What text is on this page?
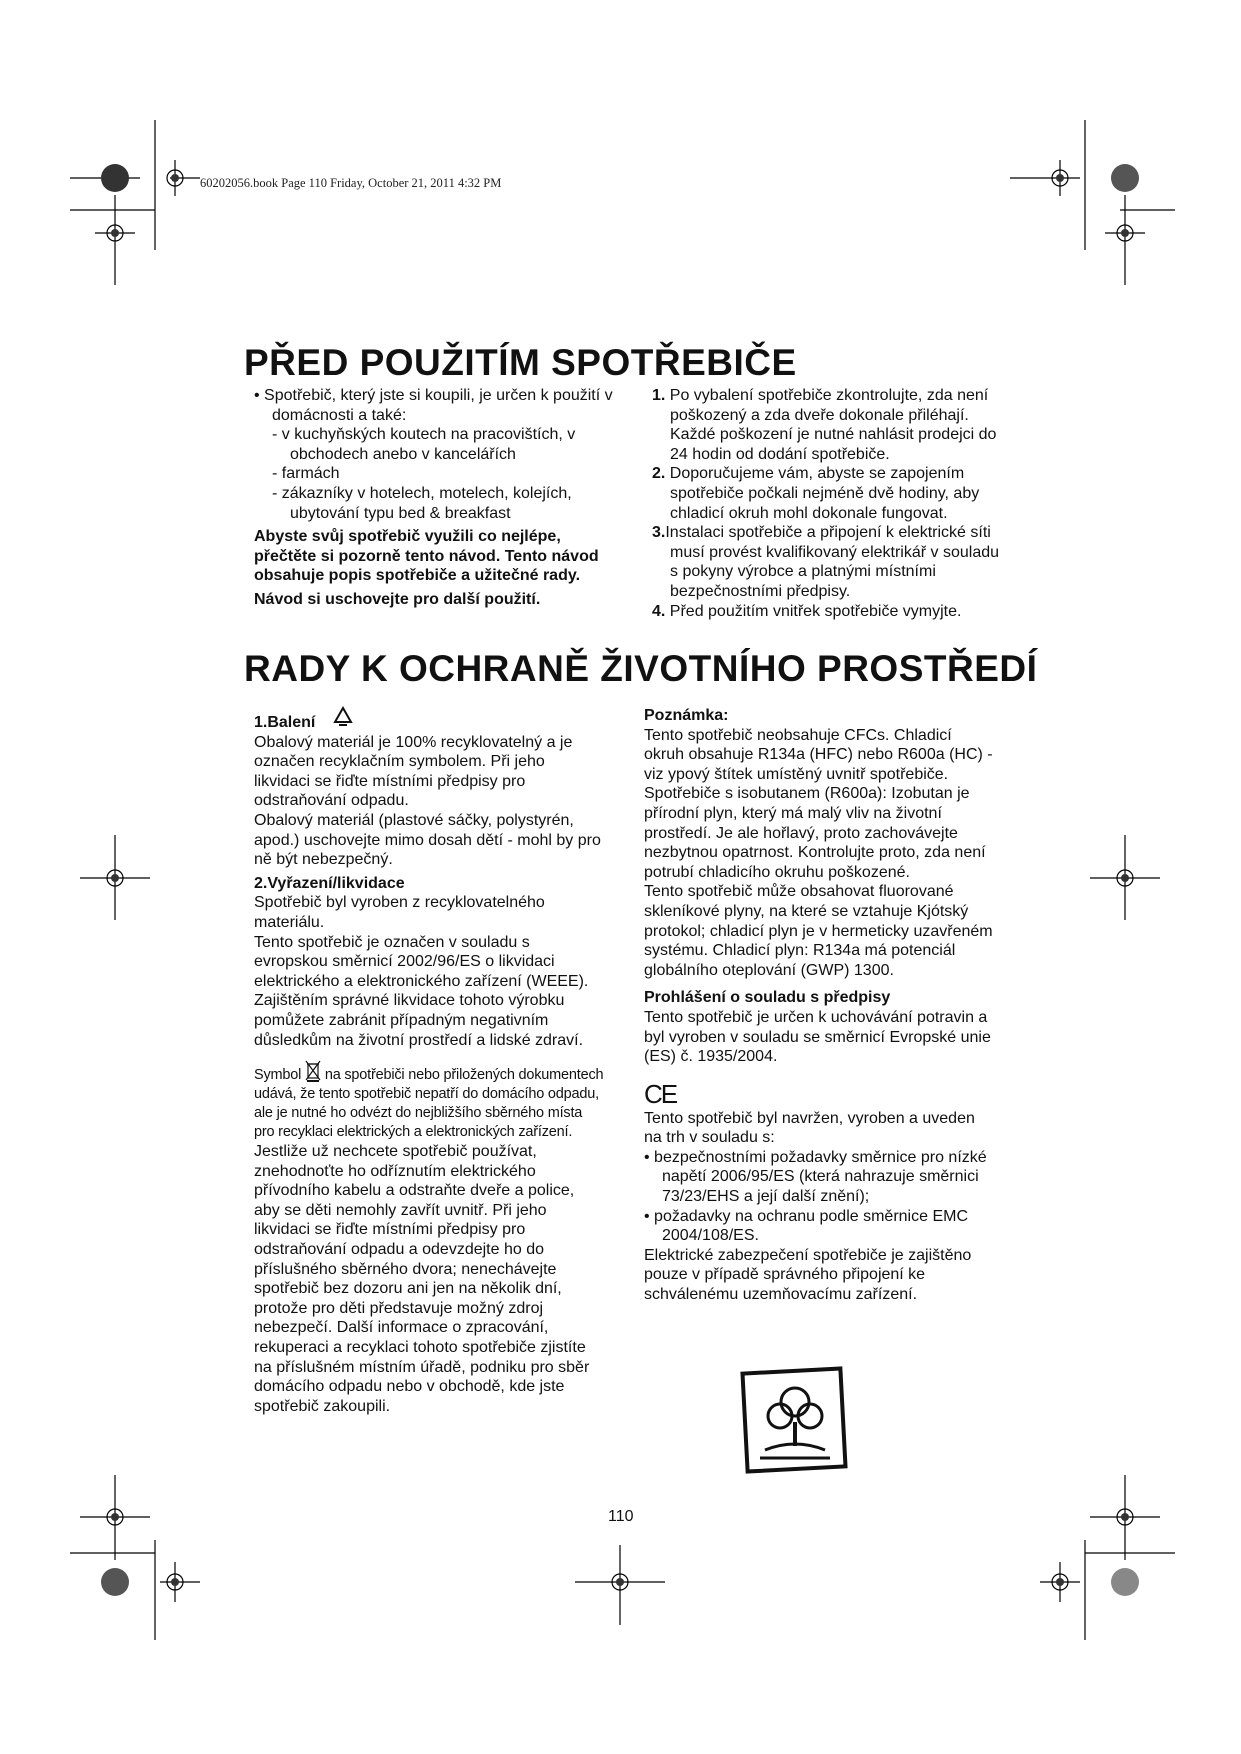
60202056.book Page 110 Friday, October 21, 2011 4:32 PM
PŘED POUŽITÍM SPOTŘEBIČE

• Spotřebič, který jste si koupili, je určen k použití v domácnosti a také:

- v kuchyňských koutech na pracovištích, v obchodech anebo v kancelářích

- farmách

- zákazníky v hotelech, motelech, kolejích, ubytování typu bed & breakfast

Abyste svůj spotřebič využili co nejlépe, přečtěte si pozorně tento návod. Tento návod obsahuje popis spotřebiče a užitečné rady.

Návod si uschovejte pro další použití.

1. Po vybalení spotřebiče zkontrolujte, zda není poškozený a zda dveře dokonale přiléhají. Každé poškození je nutné nahlásit prodejci do 24 hodin od dodání spotřebiče.

2. Doporučujeme vám, abyste se zapojením spotřebiče počkali nejméně dvě hodiny, aby chladicí okruh mohl dokonale fungovat.

3.Instalaci spotřebiče a připojení k elektrické síti musí provést kvalifikovaný elektrikář v souladu s pokyny výrobce a platnými místními bezpečnostními předpisy.

4. Před použitím vnitřek spotřebiče vymyjte.

RADY K OCHRANĚ ŽIVOTNÍHO PROSTŘEDÍ

1.Balení

Obalový materiál je 100% recyklovatelný a je označen recyklačním symbolem. Při jeho likvidaci se řiďte místními předpisy pro odstraňování odpadu.

Obalový materiál (plastové sáčky, polystyrén, apod.) uschovejte mimo dosah dětí - mohl by pro ně být nebezpečný.

2.Vyřazení/likvidace

Spotřebič byl vyroben z recyklovatelného materiálu.

Tento spotřebič je označen v souladu s evropskou směrnicí 2002/96/ES o likvidaci elektrického a elektronického zařízení (WEEE). Zajištěním správné likvidace tohoto výrobku pomůžete zabránit případným negativním důsledkům na životní prostředí a lidské zdraví.

Symbol  na spotřebiči nebo přiložených dokumentech udává, že tento spotřebič nepatří do domácího odpadu, ale je nutné ho odvézt do nejbližšího sběrného místa pro recyklaci elektrických a elektronických zařízení.

Jestliže už nechcete spotřebič používat, znehodnoťte ho odříznutím elektrického přívodního kabelu a odstraňte dveře a police, aby se děti nemohly zavřít uvnitř. Při jeho likvidaci se řiďte místními předpisy pro odstraňování odpadu a odevzdejte ho do příslušného sběrného dvora; nenechávejte spotřebič bez dozoru ani jen na několik dní, protože pro děti představuje možný zdroj nebezpečí. Další informace o zpracování, rekuperaci a recyklaci tohoto spotřebiče zjistíte na příslušném místním úřadě, podniku pro sběr domácího odpadu nebo v obchodě, kde jste spotřebič zakoupili.

Poznámka:

Tento spotřebič neobsahuje CFCs. Chladicí okruh obsahuje R134a (HFC) nebo R600a (HC) - viz ypový štítek umístěný uvnitř spotřebiče.

Spotřebiče s isobutanem (R600a): Izobutan je přírodní plyn, který má malý vliv na životní prostředí. Je ale hořlavý, proto zachovávejte nezbytnou opatrnost. Kontrolujte proto, zda není potrubí chladicího okruhu poškozené.

Tento spotřebič může obsahovat fluorované skleníkové plyny, na které se vztahuje Kjótský protokol; chladicí plyn je v hermeticky uzavřeném systému. Chladicí plyn: R134a má potenciál globálního oteplování (GWP) 1300.

Prohlášení o souladu s předpisy

Tento spotřebič je určen k uchovávání potravin a byl vyroben v souladu se směrnicí Evropské unie (ES) č. 1935/2004.

CE

Tento spotřebič byl navržen, vyroben a uveden na trh v souladu s:

• bezpečnostními požadavky směrnice pro nízké napětí 2006/95/ES (která nahrazuje směrnici 73/23/EHS a její další znění);

• požadavky na ochranu podle směrnice EMC 2004/108/ES.

Elektrické zabezpečení spotřebiče je zajištěno pouze v případě správného připojení ke schválenému uzemňovacímu zařízení.

110
